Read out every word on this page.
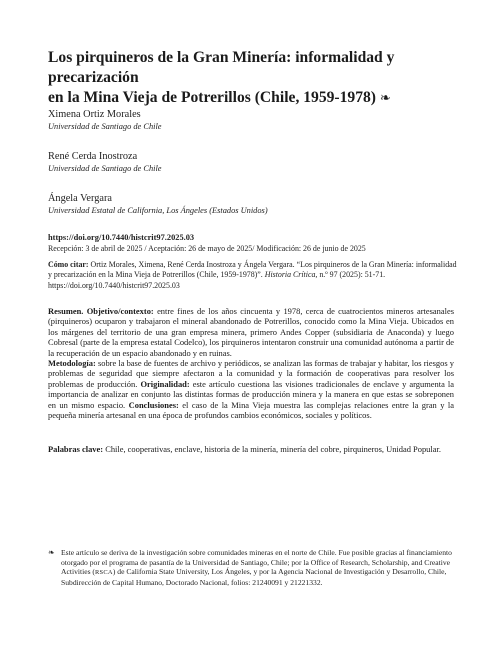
Los pirquineros de la Gran Minería: informalidad y precarización
en la Mina Vieja de Potrerillos (Chile, 1959-1978) ❧
Ximena Ortiz Morales
Universidad de Santiago de Chile
René Cerda Inostroza
Universidad de Santiago de Chile
Ángela Vergara
Universidad Estatal de California, Los Ángeles (Estados Unidos)
https://doi.org/10.7440/histcrit97.2025.03
Recepción: 3 de abril de 2025 / Aceptación: 26 de mayo de 2025/ Modificación: 26 de junio de 2025
Cómo citar: Ortiz Morales, Ximena, René Cerda Inostroza y Ángela Vergara. “Los pirquineros de la Gran Minería: informalidad y precarización en la Mina Vieja de Potrerillos (Chile, 1959-1978)”. Historia Crítica, n.º 97 (2025): 51-71. https://doi.org/10.7440/histcrit97.2025.03
Resumen. Objetivo/contexto: entre fines de los años cincuenta y 1978, cerca de cuatrocientos mineros artesanales (pirquineros) ocuparon y trabajaron el mineral abandonado de Potrerillos, conocido como la Mina Vieja. Ubicados en los márgenes del territorio de una gran empresa minera, primero Andes Copper (subsidiaria de Anaconda) y luego Cobresal (parte de la empresa estatal Codelco), los pirquineros intentaron construir una comunidad autónoma a partir de la recuperación de un espacio abandonado y en ruinas.
Metodología: sobre la base de fuentes de archivo y periódicos, se analizan las formas de trabajar y habitar, los riesgos y problemas de seguridad que siempre afectaron a la comunidad y la formación de cooperativas para resolver los problemas de producción. Originalidad: este artículo cuestiona las visiones tradicionales de enclave y argumenta la importancia de analizar en conjunto las distintas formas de producción minera y la manera en que estas se sobreponen en un mismo espacio. Conclusiones: el caso de la Mina Vieja muestra las complejas relaciones entre la gran y la pequeña minería artesanal en una época de profundos cambios económicos, sociales y políticos.
Palabras clave: Chile, cooperativas, enclave, historia de la minería, minería del cobre, pirquineros, Unidad Popular.
❧ Este artículo se deriva de la investigación sobre comunidades mineras en el norte de Chile. Fue posible gracias al financiamiento otorgado por el programa de pasantía de la Universidad de Santiago, Chile; por la Office of Research, Scholarship, and Creative Activities (RSCA) de California State University, Los Ángeles, y por la Agencia Nacional de Investigación y Desarrollo, Chile, Subdirección de Capital Humano, Doctorado Nacional, folios: 21240091 y 21221332.
